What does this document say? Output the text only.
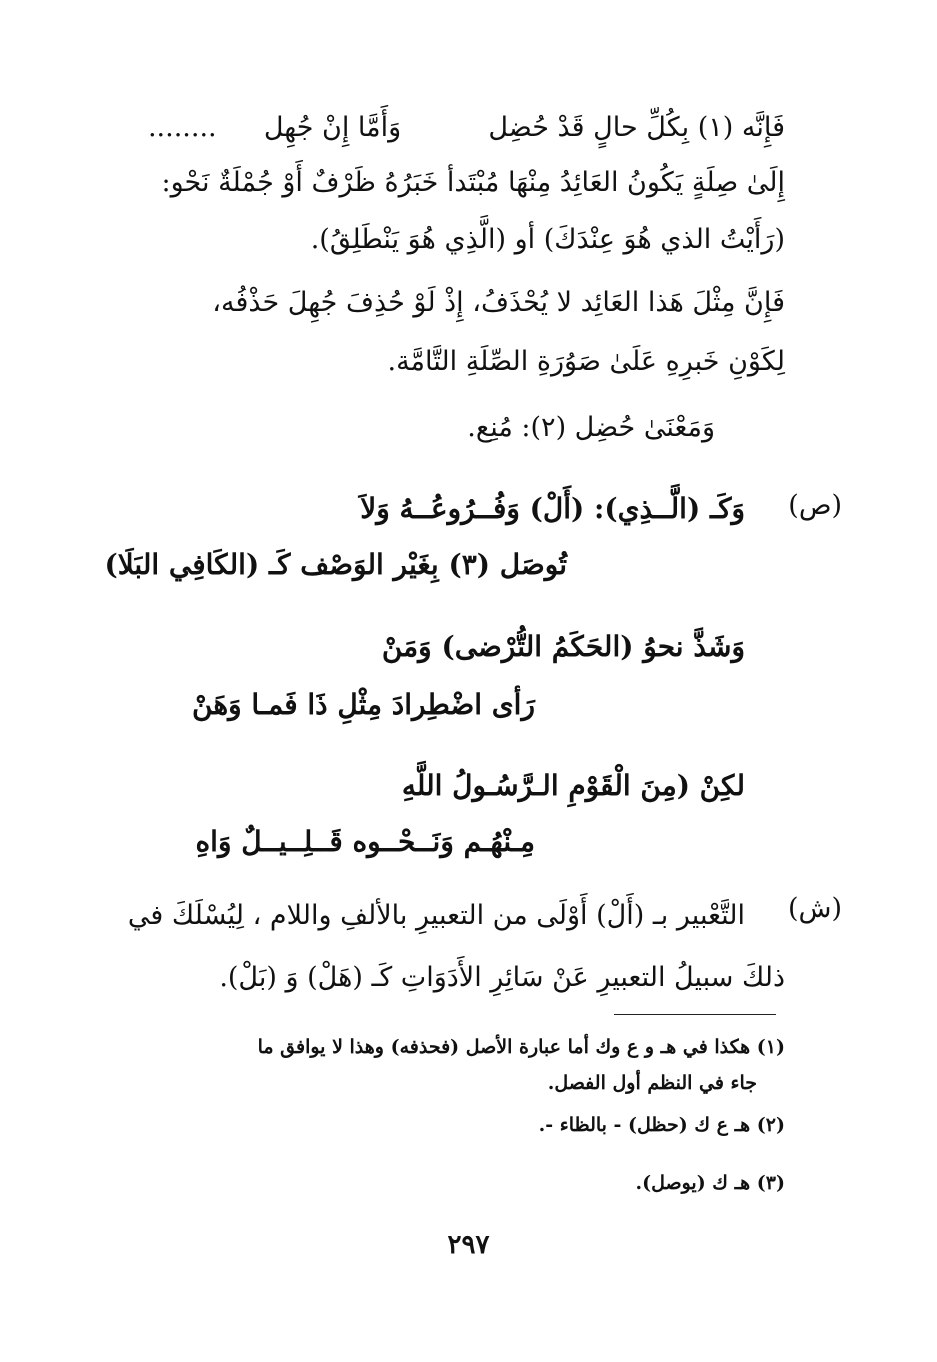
فَإِنَّه (١) بِكُلِّ حالٍ قَدْ حُضِل  وَأَمَّا إِنْ جُهِل  ........
إِلَىٰ صِلَةٍ يَكُونُ العَائِدُ مِنْهَا مُبْتَدأ خَبَرُهُ ظَرْفٌ أَوْ جُمْلَةٌ نَحْو:
(رَأَيْتُ الذي هُوَ عِنْدَكَ) أو (الَّذِي هُوَ يَنْطَلِقُ).
فَإِنَّ مِثْلَ هَذا العَائِد لا يُحْذَفُ، إِذْ لَوْ حُذِفَ جُهِلَ حَذْفُه،
لِكَوْنِ خَبرِهِ عَلَىٰ صَوُرَةِ الصِّلَةِ التَّامَّة.
وَمَعْنَىٰ حُضِل (٢): مُنِع.
(ص)
وَكَـ (الَّــذِي): (أَلْ) وَفُــرُوعُــهُ وَلاَ
تُوصَل (٣) بِغَيْر الوَصْف كَـ (الكَافِي البَلَا)
وَشَذَّ نحوُ (الحَكَمُ التُّرْضى) وَمَنْ
رَأى اضْطِرادَ مِثْلِ ذَا فَمـا وَهَنْ
لكِنْ (مِنَ الْقَوْمِ الـرَّسُـولُ اللَّهِ
مِـنْهُـم وَنَــحْــوه قَــلِــيــلٌ وَاهِ
(ش)
التَّعْبير بـ (أَلْ) أَوْلَى من التعبيرِ بالألفِ واللام ، لِيُسْلَكَ في
ذلكَ سبيلُ التعبيرِ عَنْ سَائِرِ الأَدَوَاتِ كَـ (هَلْ) وَ (بَلْ).
(١) هكذا في هـ و ع وك أما عبارة الأصل (فحذفه) وهذا لا يوافق ما
جاء في النظم أول الفصل.
(٢) هـ ع ك (حظل) - بالظاء -.
(٣) هـ ك (يوصل).
٢٩٧
